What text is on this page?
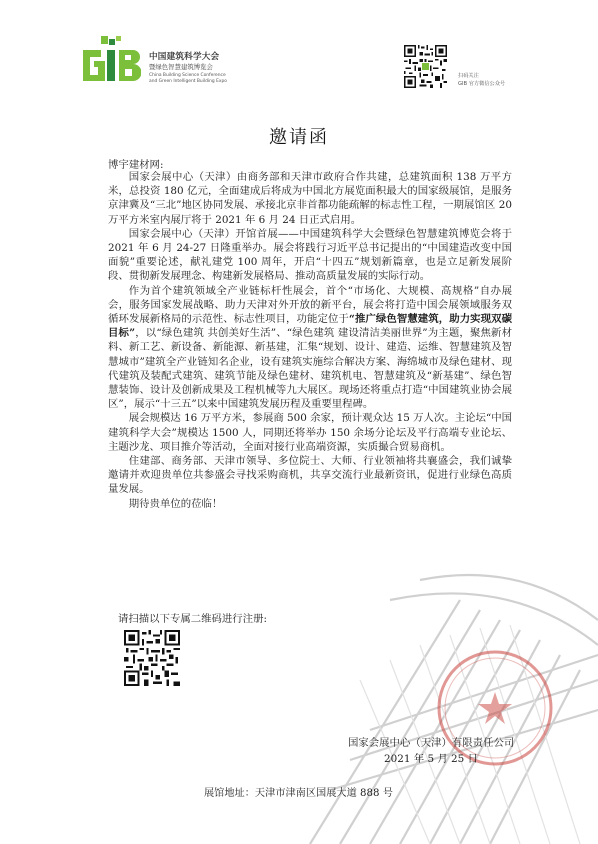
中国建筑科学大会
暨绿色智慧建筑博览会
China Building Science Conference
and Green Intelligent Building Expo
扫码关注
GIB 官方微信公众号
邀请函
博宇建材网:

国家会展中心（天津）由商务部和天津市政府合作共建，总建筑面积 138 万平方米，总投资 180 亿元，全面建成后将成为中国北方展览面积最大的国家级展馆，是服务京津冀及“三北”地区协同发展、承接北京非首都功能疏解的标志性工程，一期展馆区 20 万平方米室内展厅将于 2021 年 6 月 24 日正式启用。

国家会展中心（天津）开馆首展——中国建筑科学大会暨绿色智慧建筑博览会将于 2021 年 6 月 24-27 日隆重举办。展会将践行习近平总书记提出的“中国建造改变中国面貌”重要论述，献礼建党 100 周年，开启“十四五”规划新篇章，也是立足新发展阶段、贯彻新发展理念、构建新发展格局、推动高质量发展的实际行动。

作为首个建筑领域全产业链标杆性展会，首个“市场化、大规模、高规格”自办展会，服务国家发展战略、助力天津对外开放的新平台，展会将打造中国会展领域服务双循环发展新格局的示范性、标志性项目，功能定位于“推广绿色智慧建筑，助力实现双碳目标”，以“绿色建筑 共创美好生活”、“绿色建筑 建设清洁美丽世界”为主题，聚焦新材料、新工艺、新设备、新能源、新基建，汇集“规划、设计、建造、运维、智慧建筑及智慧城市”建筑全产业链知名企业，设有建筑实施综合解决方案、海绵城市及绿色建材、现代建筑及装配式建筑、建筑节能及绿色建材、建筑机电、智慧建筑及“新基建”、绿色智慧装饰、设计及创新成果及工程机械等九大展区。现场还将重点打造“中国建筑业协会展区”，展示“十三五”以来中国建筑发展历程及重要里程碑。

展会规模达 16 万平方米，参展商 500 余家，预计观众达 15 万人次。主论坛“中国建筑科学大会”规模达 1500 人，同期还将举办 150 余场分论坛及平行高端专业论坛、主题沙龙、项目推介等活动，全面对接行业高端资源，实质撮合贸易商机。

住建部、商务部、天津市领导、多位院士、大师、行业领袖将共襄盛会，我们诚挚邀请并欢迎贵单位共参盛会寻找采购商机，共享交流行业最新资讯，促进行业绿色高质量发展。

期待贵单位的莅临！

请扫描以下专属二维码进行注册:
国家会展中心（天津）有限责任公司
2021 年 5 月 25 日
展馆地址：天津市津南区国展大道 888 号
